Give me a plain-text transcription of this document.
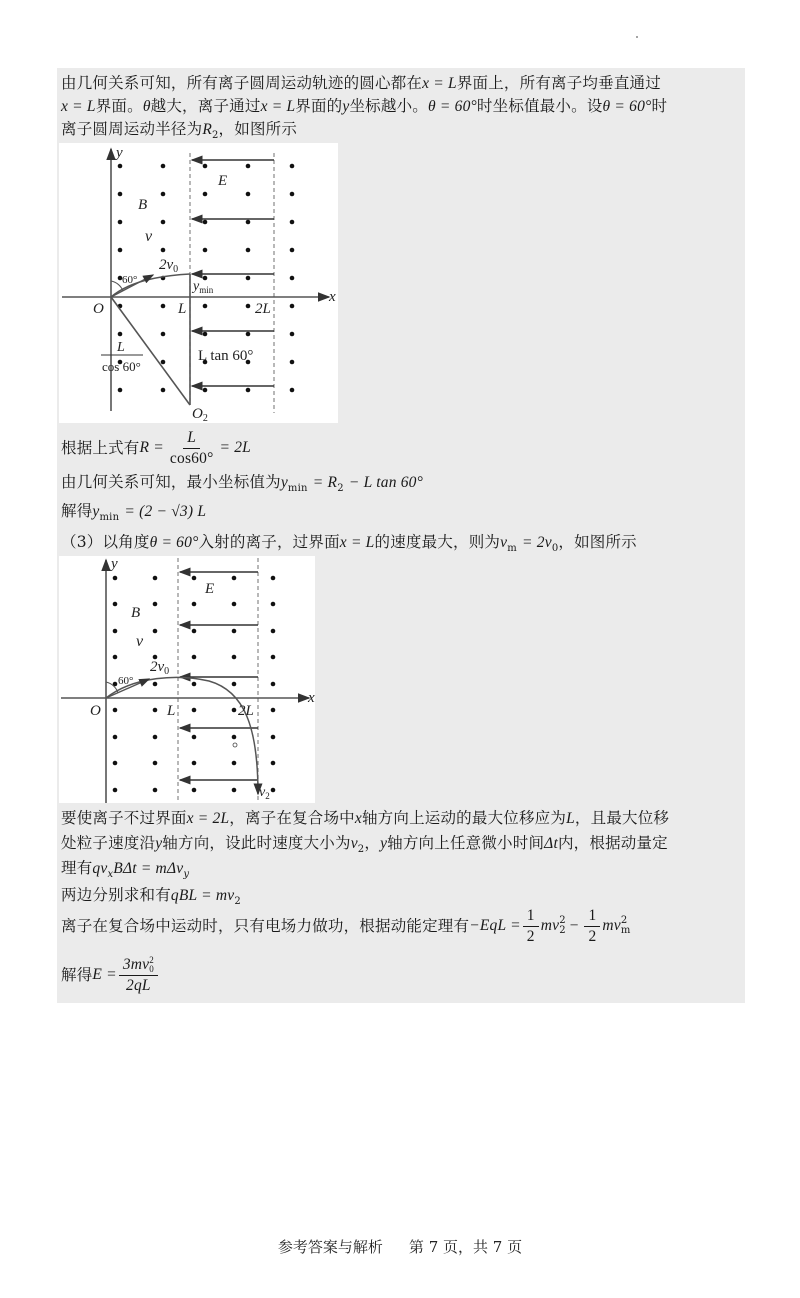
由几何关系可知，所有离子圆周运动轨迹的圆心都在x = L界面上，所有离子均垂直通过
x = L界面。θ越大，离子通过x = L界面的y坐标越小。θ = 60°时坐标值最小。设θ = 60°时
离子圆周运动半径为$R_2$，如图所示
y
x
O
E
B
v
$2v_0$
60°	$y_{min}$
L	2L
L tan 60°
L
cos 60°
$O_2$
根据上式有 $R = \frac{L}{\cos 60^\circ} = 2L$
由几何关系可知，最小坐标值为$y_{min} = R_2 - L$ tan 60°
解得$y_{min} = (2 - √3)$ L
（3）以角度θ = 60°入射的离子，过界面x = L的速度最大，则为$v_m = 2v_0$，如图所示
y
x
O
E
B
v
$2v_0$
60°
L	2L
$v_2$
要使离子不过界面x = 2L，离子在复合场中x轴方向上运动的最大位移应为L，且最大位移
处粒子速度沿y轴方向，设此时速度大小为$v_2$，y轴方向上任意微小时间Δt内，根据动量定
理有$qv_xB\Delta t = m\Delta v_y$
两边分别求和有qBL = $mv_2$
离子在复合场中运动时，只有电场力做功，根据动能定理有 $-EqL = \frac{1}{2}$ mv 2
$2 - \frac{1}{2}$ mv 2
m
解得 E = 3mv 2
0
2qL
参考答案与解析 第 7 页，共 7 页
